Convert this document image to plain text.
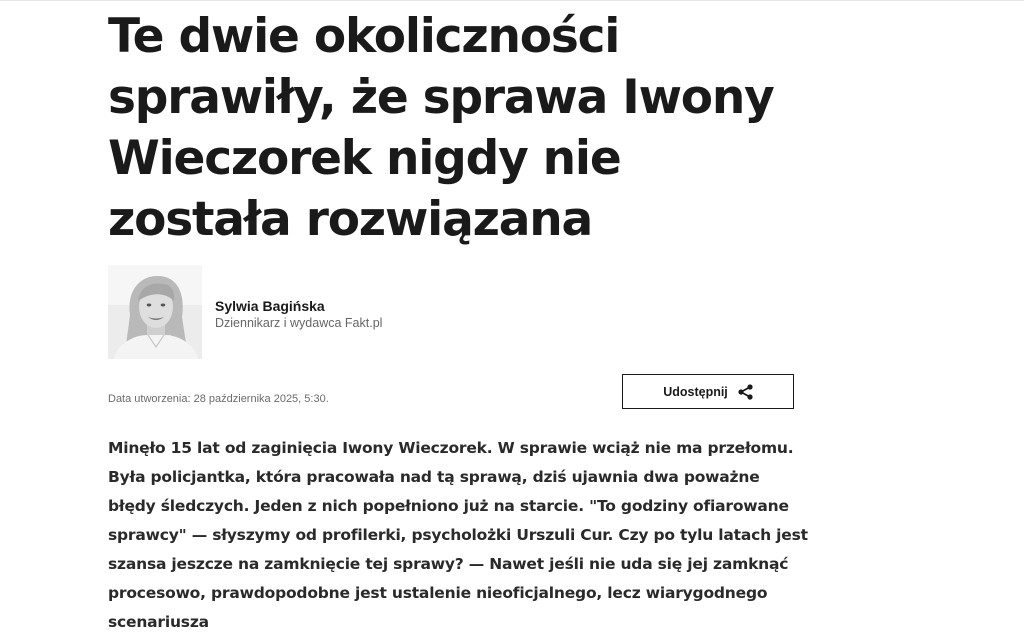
Te dwie okoliczności sprawiły, że sprawa Iwony Wieczorek nigdy nie została rozwiązana
Sylwia Bagińska
Dziennikarz i wydawca Fakt.pl
Data utworzenia: 28 października 2025, 5:30.
Udostępnij

Minęło 15 lat od zaginięcia Iwony Wieczorek. W sprawie wciąż nie ma przełomu. Była policjantka, która pracowała nad tą sprawą, dziś ujawnia dwa poważne błędy śledczych. Jeden z nich popełniono już na starcie. "To godziny ofiarowane sprawcy" — słyszymy od profilerki, psycholożki Urszuli Cur. Czy po tylu latach jest szansa jeszcze na zamknięcie tej sprawy? — Nawet jeśli nie uda się jej zamknąć procesowo, prawdopodobne jest ustalenie nieoficjalnego, lecz wiarygodnego scenariusza
